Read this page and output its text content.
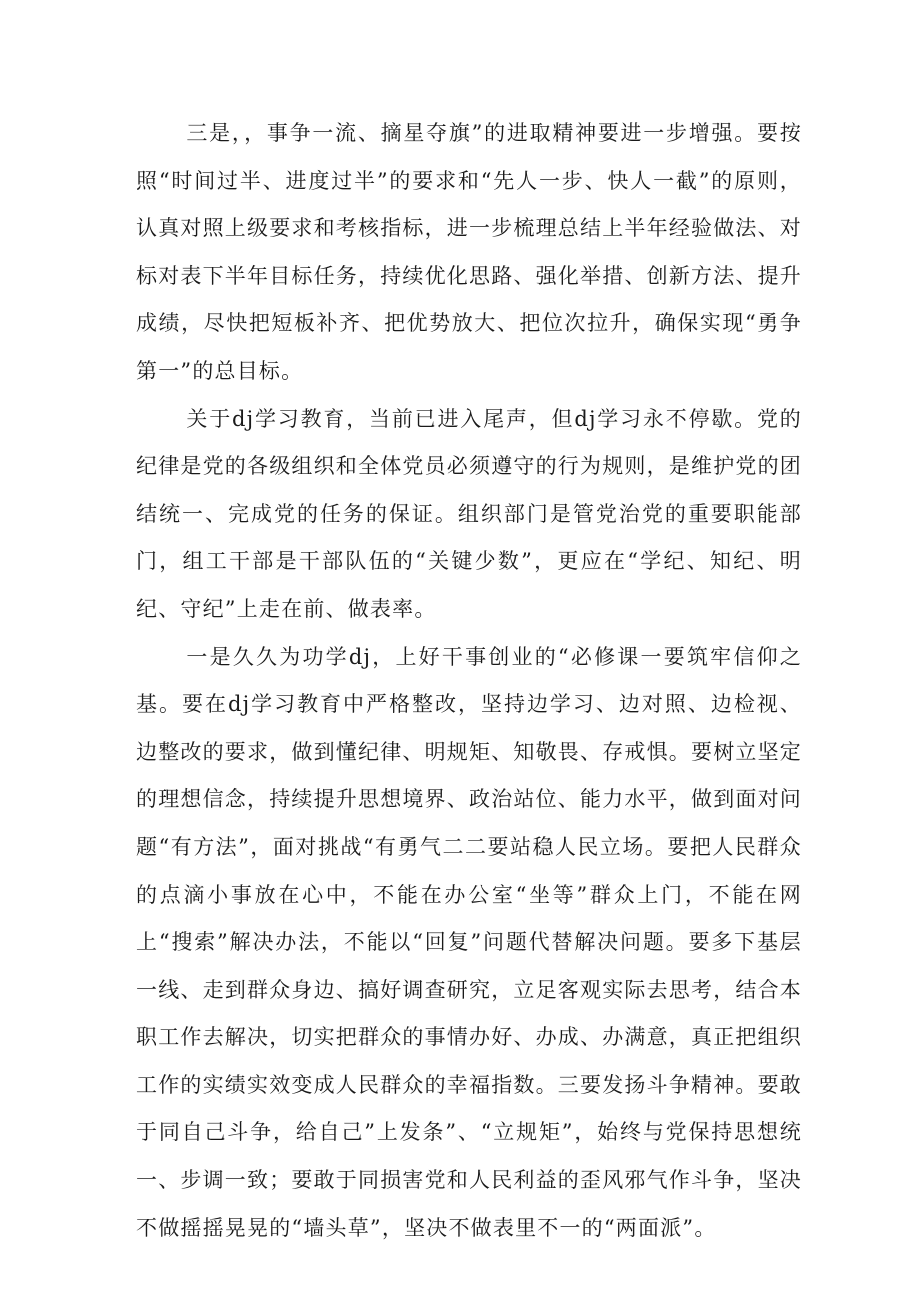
三是，，事争一流、摘星夺旗”的进取精神要进一步增强。要按照“时间过半、进度过半”的要求和“先人一步、快人一截”的原则，认真对照上级要求和考核指标，进一步梳理总结上半年经验做法、对标对表下半年目标任务，持续优化思路、强化举措、创新方法、提升成绩，尽快把短板补齐、把优势放大、把位次拉升，确保实现“勇争第一”的总目标。

关于dj学习教育，当前已进入尾声，但dj学习永不停歇。党的纪律是党的各级组织和全体党员必须遵守的行为规则，是维护党的团结统一、完成党的任务的保证。组织部门是管党治党的重要职能部门，组工干部是干部队伍的“关键少数”，更应在“学纪、知纪、明纪、守纪”上走在前、做表率。

一是久久为功学dj，上好干事创业的“必修课一要筑牢信仰之基。要在dj学习教育中严格整改，坚持边学习、边对照、边检视、边整改的要求，做到懂纪律、明规矩、知敬畏、存戒惧。要树立坚定的理想信念，持续提升思想境界、政治站位、能力水平，做到面对问题“有方法”，面对挑战“有勇气二二要站稳人民立场。要把人民群众的点滴小事放在心中，不能在办公室“坐等”群众上门，不能在网上“搜索”解决办法，不能以“回复”问题代替解决问题。要多下基层一线、走到群众身边、搞好调查研究，立足客观实际去思考，结合本职工作去解决，切实把群众的事情办好、办成、办满意，真正把组织工作的实绩实效变成人民群众的幸福指数。三要发扬斗争精神。要敢于同自己斗争，给自己”上发条”、“立规矩”，始终与党保持思想统一、步调一致；要敢于同损害党和人民利益的歪风邪气作斗争，坚决不做摇摇晃晃的“墙头草”，坚决不做表里不一的“两面派”。
